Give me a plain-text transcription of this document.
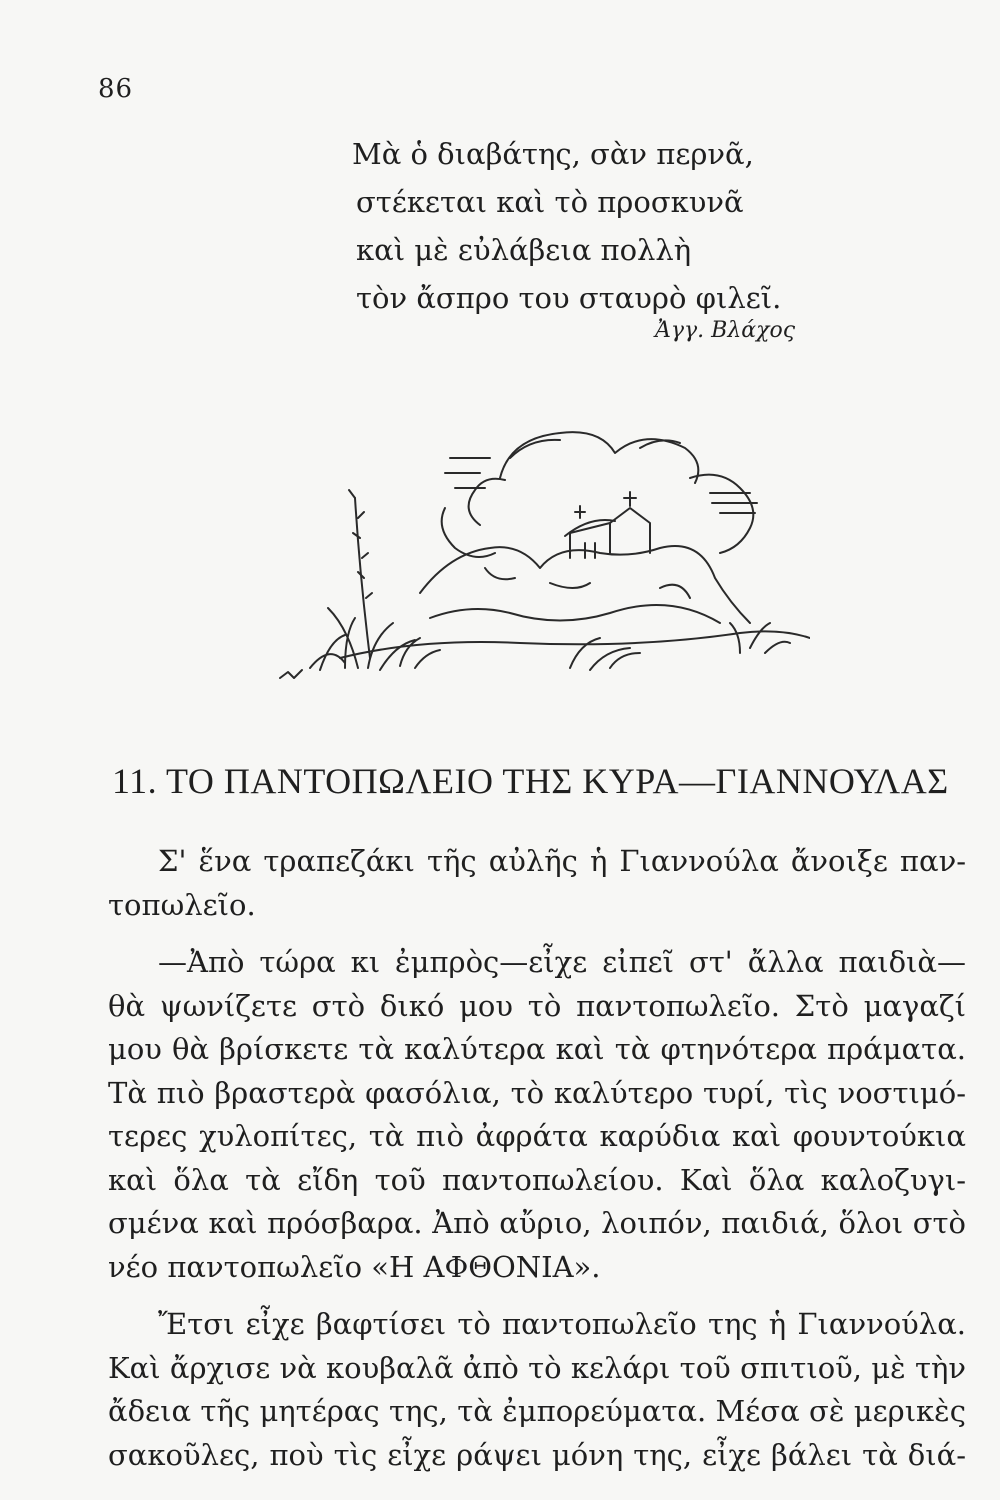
86
Μὰ ὁ διαβάτης, σὰν περνᾶ,
στέκεται καὶ τὸ προσκυνᾶ
καὶ μὲ εὐλάβεια πολλὴ
τὸν ἄσπρο του σταυρὸ φιλεῖ.
Ἀγγ. Βλάχος
11. ΤΟ ΠΑΝΤΟΠΩΛΕΙΟ ΤΗΣ ΚΥΡΑ—ΓΙΑΝΝΟΥΛΑΣ

Σ' ἕνα τραπεζάκι τῆς αὐλῆς ἡ Γιαννούλα ἄνοιξε παν-
τοπωλεῖο.

—Ἀπὸ τώρα κι ἐμπρὸς—εἶχε εἰπεῖ στ' ἄλλα παιδιὰ—
θὰ ψωνίζετε στὸ δικό μου τὸ παντοπωλεῖο. Στὸ μαγαζί
μου θὰ βρίσκετε τὰ καλύτερα καὶ τὰ φτηνότερα πράματα.
Τὰ πιὸ βραστερὰ φασόλια, τὸ καλύτερο τυρί, τὶς νοστιμό-
τερες χυλοπίτες, τὰ πιὸ ἀφράτα καρύδια καὶ φουντούκια
καὶ ὅλα τὰ εἴδη τοῦ παντοπωλείου. Καὶ ὅλα καλοζυγι-
σμένα καὶ πρόσβαρα. Ἀπὸ αὔριο, λοιπόν, παιδιά, ὅλοι στὸ
νέο παντοπωλεῖο «Η ΑΦΘΟΝΙΑ».

Ἔτσι εἶχε βαφτίσει τὸ παντοπωλεῖο της ἡ Γιαννούλα.
Καὶ ἄρχισε νὰ κουβαλᾶ ἀπὸ τὸ κελάρι τοῦ σπιτιοῦ, μὲ τὴν
ἄδεια τῆς μητέρας της, τὰ ἐμπορεύματα. Μέσα σὲ μερικὲς
σακοῦλες, ποὺ τὶς εἶχε ράψει μόνη της, εἶχε βάλει τὰ διά-
